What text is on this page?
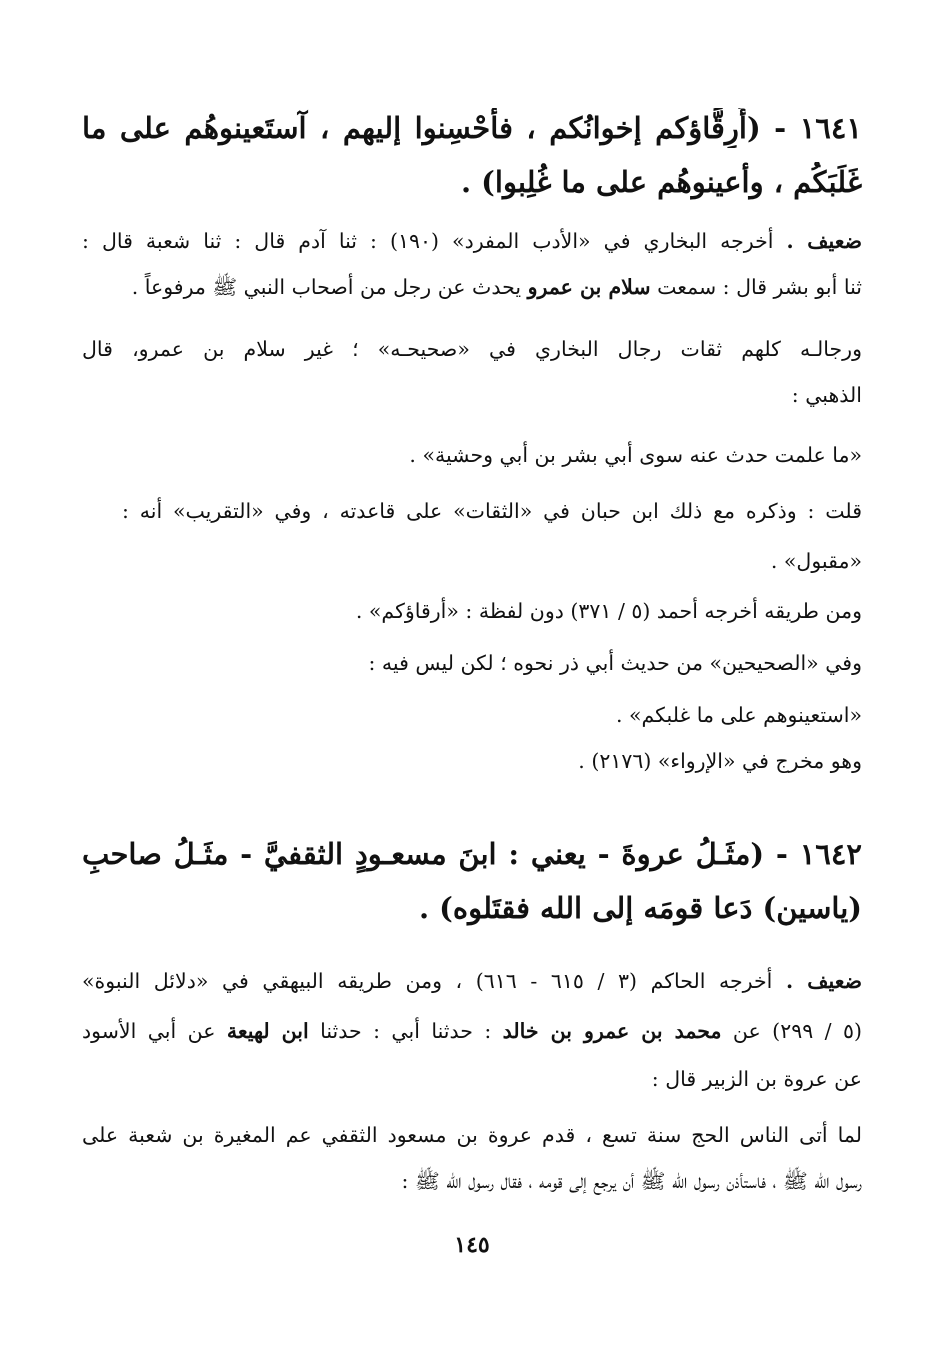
١٦٤١ - (أَرِقَّاؤكم إخوانُكم ، فأحْسِنوا إليهم ، آستَعينوهُم على ما
غَلَبَكُم ، وأعينوهُم على ما غُلِبوا) .
ضعيف . أخرجه البخاري في «الأدب المفرد» (١٩٠) : ثنا آدم قال : ثنا شعبة قال :
ثنا أبو بشر قال : سمعت سلام بن عمرو يحدث عن رجل من أصحاب النبي ﷺ مرفوعاً .
ورجالـه كلهم ثقات رجال البخاري في «صحيحـه» ؛ غير سلام بن عمرو، قال
الذهبي :
«ما علمت حدث عنه سوى أبي بشر بن أبي وحشية» .
قلت : وذكره مع ذلك ابن حبان في «الثقات» على قاعدته ، وفي «التقريب» أنه :
«مقبول» .
ومن طريقه أخرجه أحمد (٥ / ٣٧١) دون لفظة : «أرقاؤكم» .
وفي «الصحيحين» من حديث أبي ذر نحوه ؛ لكن ليس فيه :
«استعينوهم على ما غلبكم» .
وهو مخرج في «الإرواء» (٢١٧٦) .
١٦٤٢ - (مثَـلُ عروةَ - يعني : ابنَ مسعـودٍ الثقفيَّ - مثَـلُ صاحبِ
(ياسين) دَعا قومَه إلى الله فقتَلوه) .
ضعيف . أخرجه الحاكم (٣ / ٦١٥ - ٦١٦) ، ومن طريقه البيهقي في «دلائل النبوة»
(٥ / ٢٩٩) عن محمد بن عمرو بن خالد : حدثنا أبي : حدثنا ابن لهيعة عن أبي الأسود
عن عروة بن الزبير قال :
لما أتى الناس الحج سنة تسع ، قدم عروة بن مسعود الثقفي عم المغيرة بن شعبة على
رسول الله ﷺ ، فاستأذن رسول الله ﷺ أن يرجع إلى قومه ، فقال رسول الله ﷺ :
١٤٥
